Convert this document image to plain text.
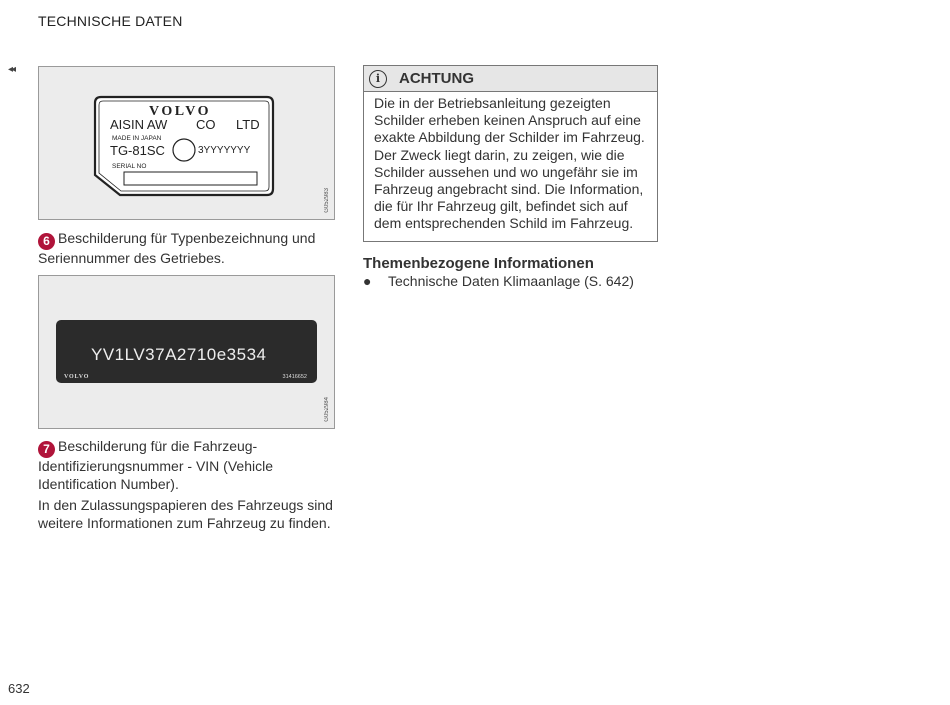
TECHNISCHE DATEN
◂◂
VOLVO
AISIN AW CO LTD
MADE IN JAPAN
TG-81SC	3YYYYYYY
SERIAL NO
G052983
6 Beschilderung für Typenbezeichnung und Seriennummer des Getriebes.
YV1LV37A2710e3534
VOLVO	31416652
G052984
7 Beschilderung für die Fahrzeug-Identifizierungsnummer - VIN (Vehicle Identification Number).
In den Zulassungspapieren des Fahrzeugs sind weitere Informationen zum Fahrzeug zu finden.
i	ACHTUNG
Die in der Betriebsanleitung gezeigten Schilder erheben keinen Anspruch auf eine exakte Abbildung der Schilder im Fahrzeug. Der Zweck liegt darin, zu zeigen, wie die Schilder aussehen und wo ungefähr sie im Fahrzeug angebracht sind. Die Information, die für Ihr Fahrzeug gilt, befindet sich auf dem entsprechenden Schild im Fahrzeug.
Themenbezogene Informationen
● Technische Daten Klimaanlage (S. 642)
632
